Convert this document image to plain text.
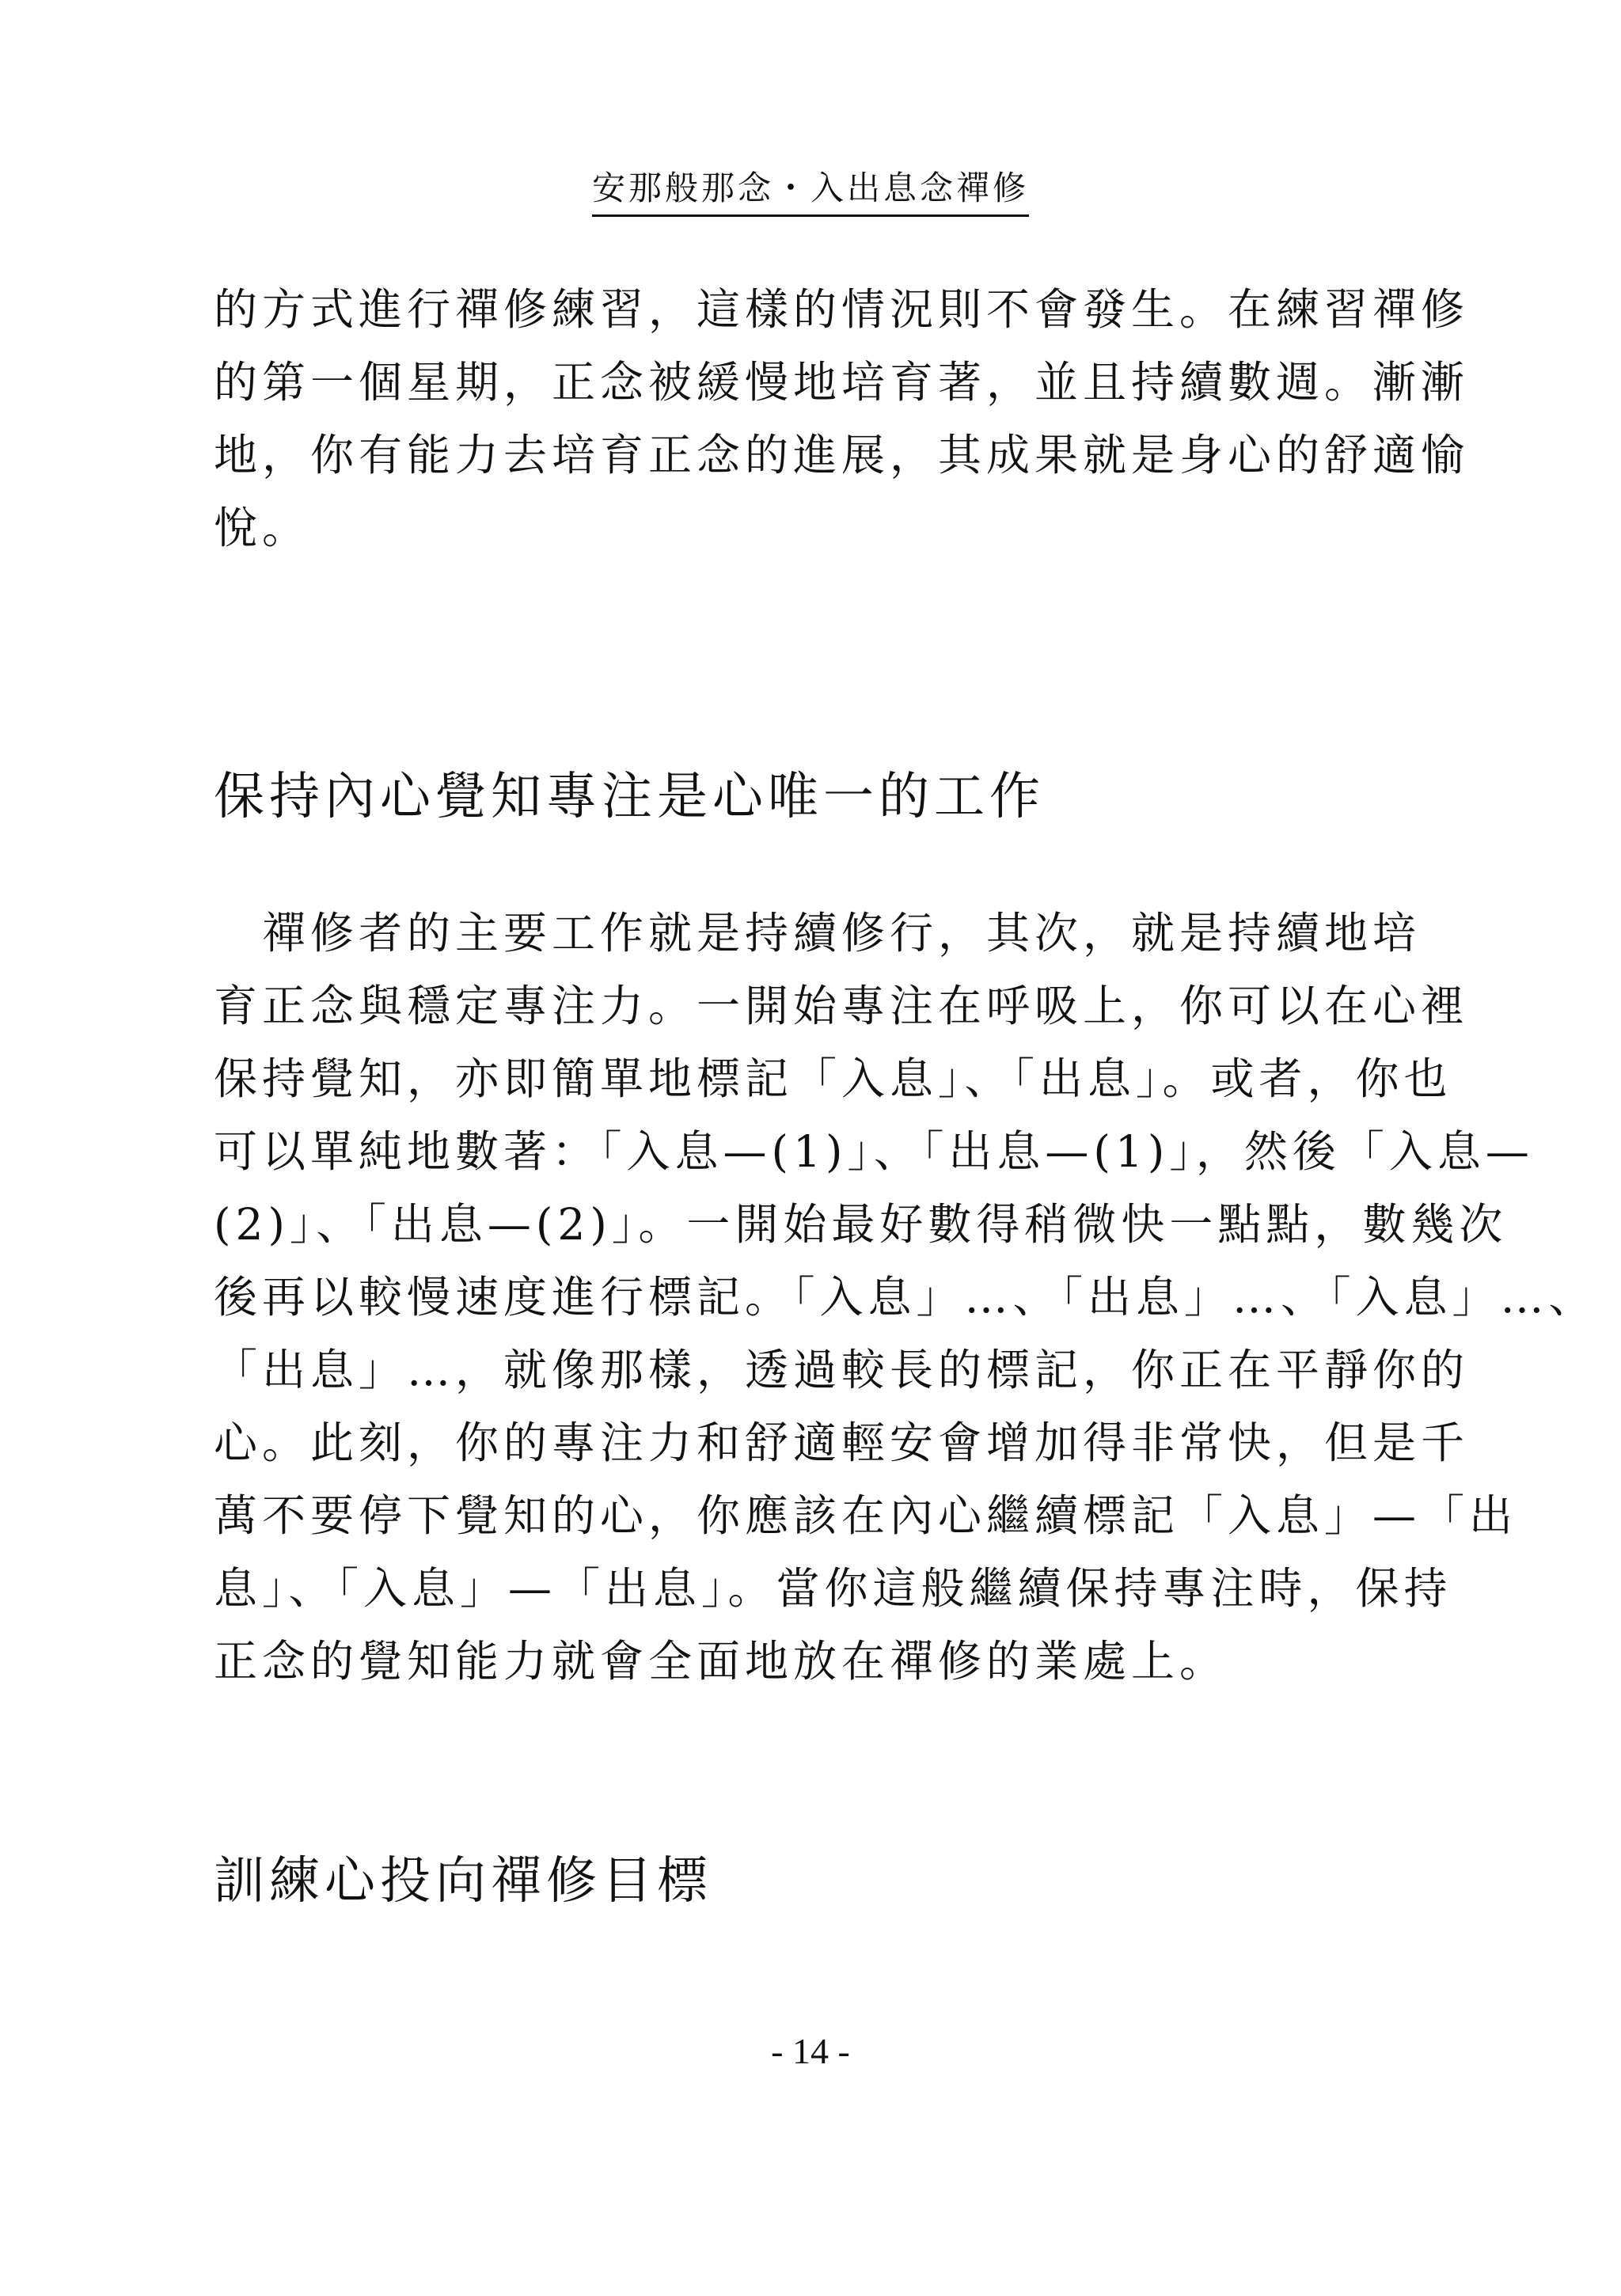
安那般那念・入出息念禪修
的方式進行禪修練習，這樣的情況則不會發生。在練習禪修
的第一個星期，正念被緩慢地培育著，並且持續數週。漸漸
地，你有能力去培育正念的進展，其成果就是身心的舒適愉
悅。
保持內心覺知專注是心唯一的工作
　禪修者的主要工作就是持續修行，其次，就是持續地培
育正念與穩定專注力。一開始專注在呼吸上，你可以在心裡
保持覺知，亦即簡單地標記「入息」、「出息」。或者，你也
可以單純地數著：「入息—(1)」、「出息—(1)」，然後「入息—
(2)」、「出息—(2)」。一開始最好數得稍微快一點點，數幾次
後再以較慢速度進行標記。「入息」…、「出息」…、「入息」…、
「出息」…，就像那樣，透過較長的標記，你正在平靜你的
心。此刻，你的專注力和舒適輕安會增加得非常快，但是千
萬不要停下覺知的心，你應該在內心繼續標記「入息」—「出
息」、「入息」—「出息」。當你這般繼續保持專注時，保持
正念的覺知能力就會全面地放在禪修的業處上。
訓練心投向禪修目標
- 14 -
